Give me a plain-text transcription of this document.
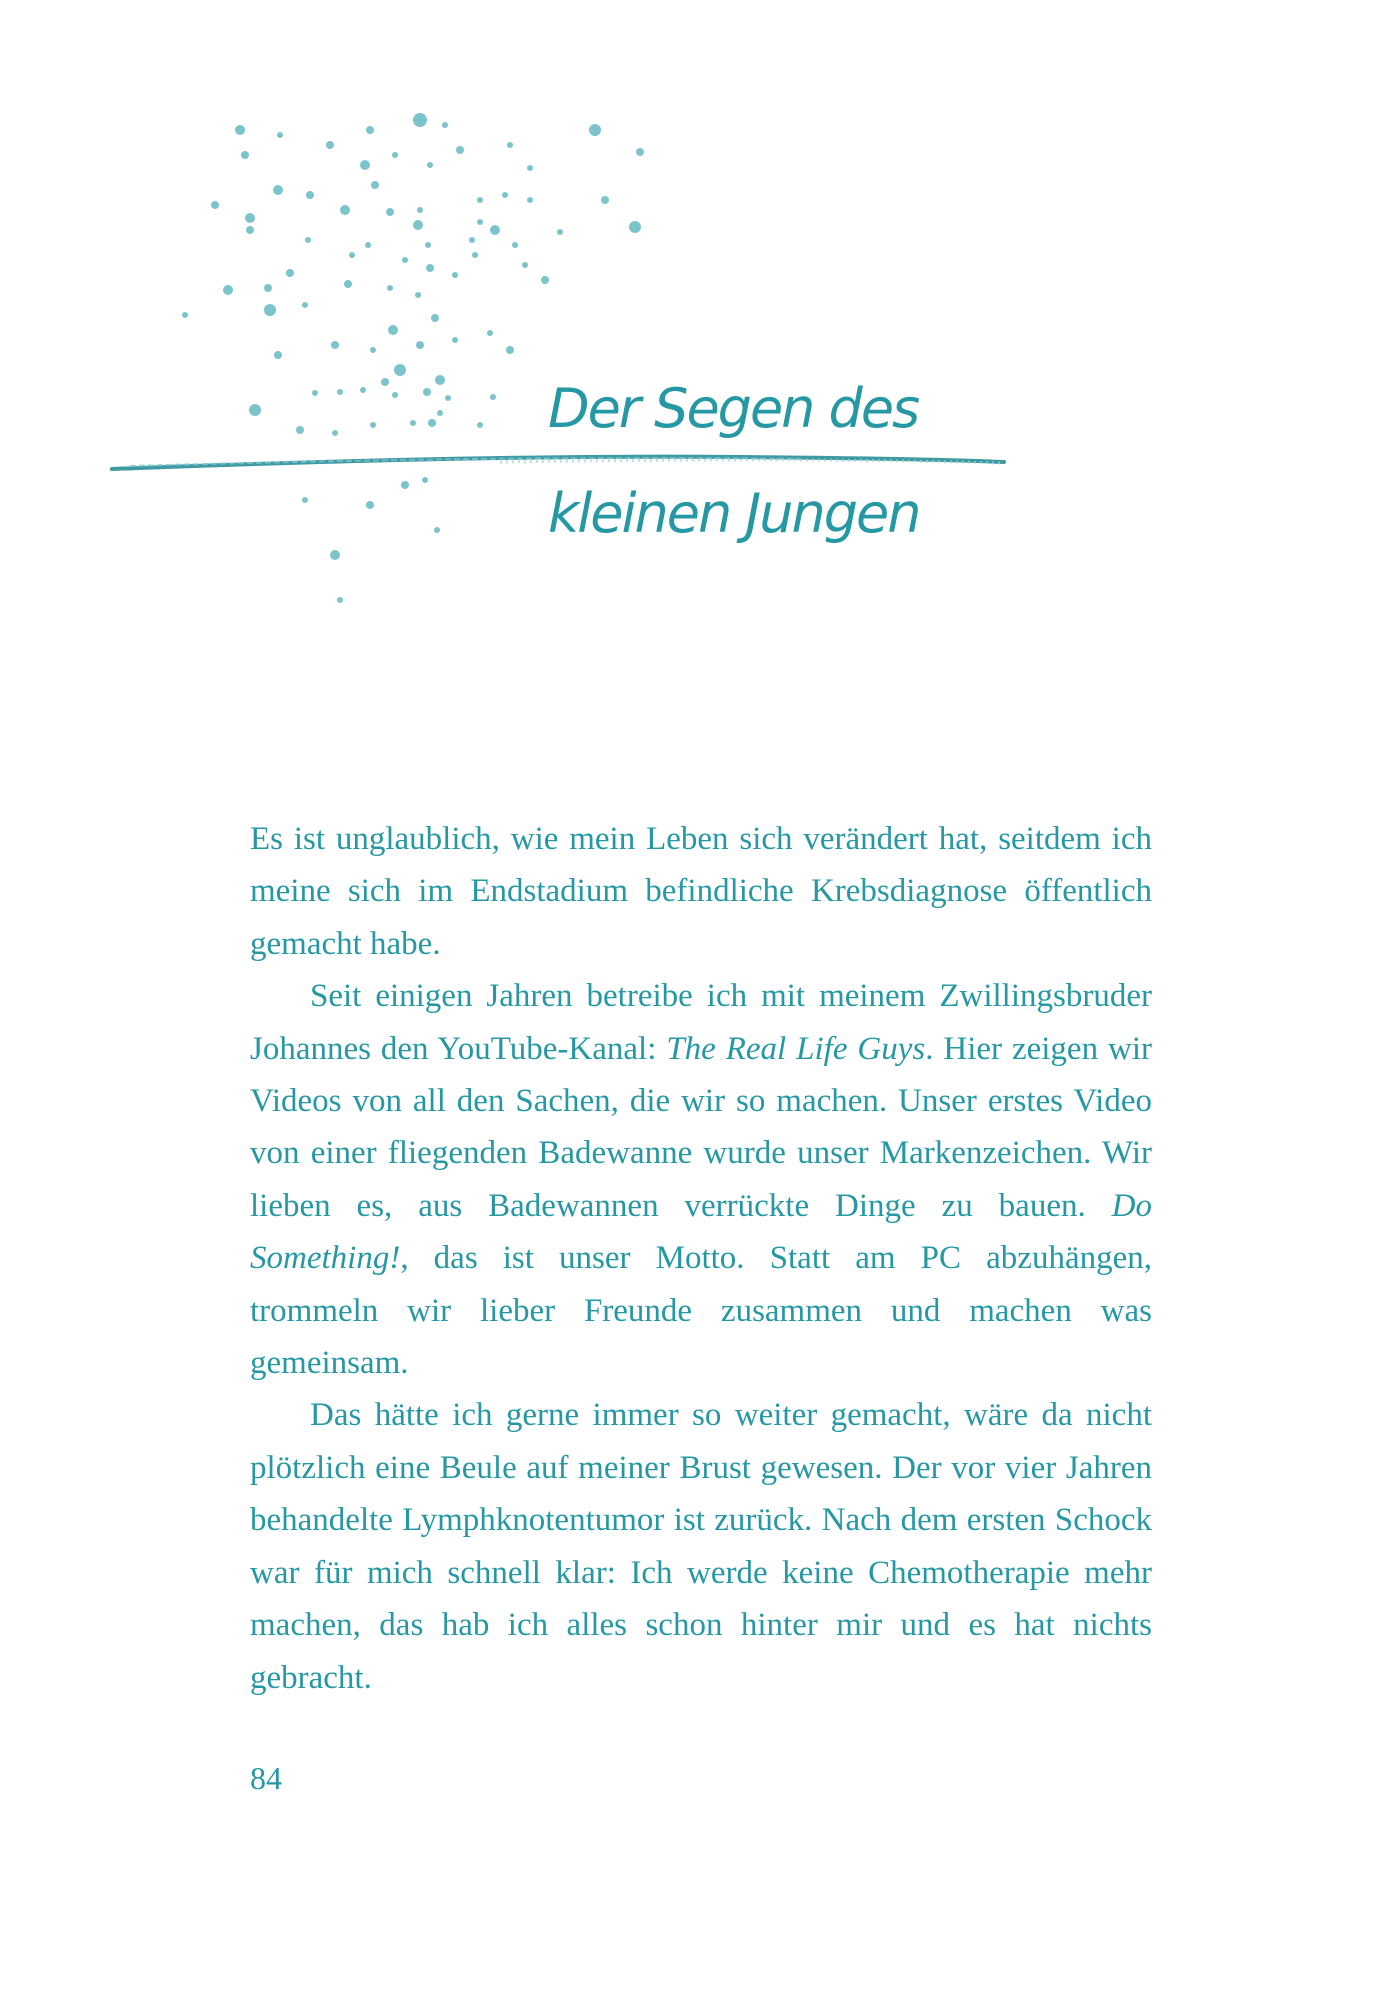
Der Segen des
kleinen Jungen

Es ist unglaublich, wie mein Leben sich verändert hat, seitdem ich meine sich im Endstadium befindliche Krebsdiagnose öffentlich gemacht habe.

Seit einigen Jahren betreibe ich mit meinem Zwillingsbruder Johannes den YouTube-Kanal: The Real Life Guys. Hier zeigen wir Videos von all den Sachen, die wir so machen. Unser erstes Video von einer fliegenden Badewanne wurde unser Markenzeichen. Wir lieben es, aus Badewannen verrückte Dinge zu bauen. Do Something!, das ist unser Motto. Statt am PC abzuhängen, trommeln wir lieber Freunde zusammen und machen was gemeinsam.

Das hätte ich gerne immer so weiter gemacht, wäre da nicht plötzlich eine Beule auf meiner Brust gewesen. Der vor vier Jahren behandelte Lymphknotentumor ist zurück. Nach dem ersten Schock war für mich schnell klar: Ich werde keine Chemotherapie mehr machen, das hab ich alles schon hinter mir und es hat nichts gebracht.

84
